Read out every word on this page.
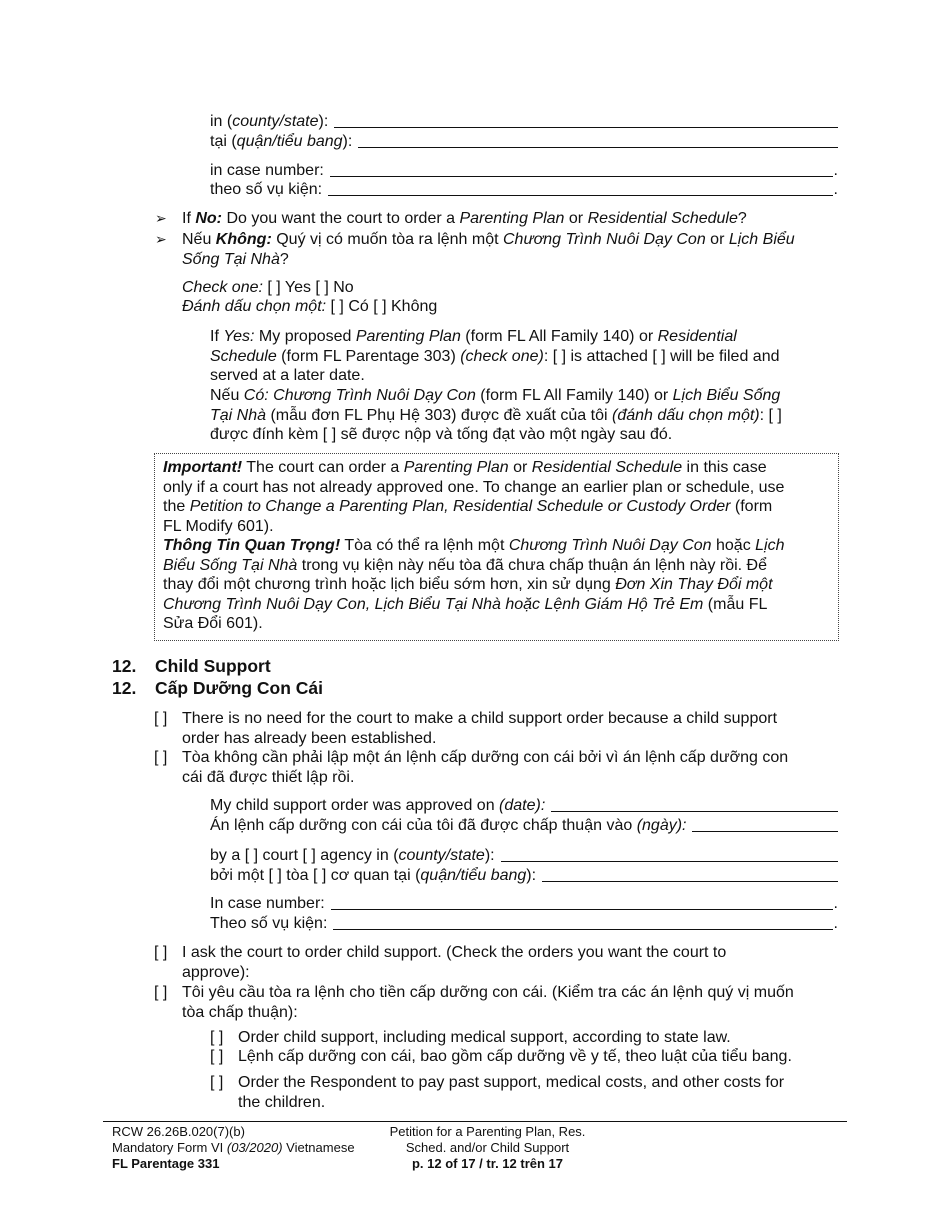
in (county/state):
tại (quận/tiểu bang):
in case number:	.
theo số vụ kiện:	.
➢ If No: Do you want the court to order a Parenting Plan or Residential Schedule?
➢ Nếu Không: Quý vị có muốn tòa ra lệnh một Chương Trình Nuôi Dạy Con or Lịch Biểu
Sống Tại Nhà?
Check one: [ ] Yes [ ] No
Đánh dấu chọn một: [ ] Có [ ] Không
If Yes: My proposed Parenting Plan (form FL All Family 140) or Residential
Schedule (form FL Parentage 303) (check one): [ ] is attached [ ] will be filed and
served at a later date.
Nếu Có: Chương Trình Nuôi Dạy Con (form FL All Family 140) or Lịch Biểu Sống
Tại Nhà (mẫu đơn FL Phụ Hệ 303) được đề xuất của tôi (đánh dấu chọn một): [ ]
được đính kèm [ ] sẽ được nộp và tống đạt vào một ngày sau đó.
Important! The court can order a Parenting Plan or Residential Schedule in this case
only if a court has not already approved one. To change an earlier plan or schedule, use
the Petition to Change a Parenting Plan, Residential Schedule or Custody Order (form
FL Modify 601).
Thông Tin Quan Trọng! Tòa có thể ra lệnh một Chương Trình Nuôi Dạy Con hoặc Lịch
Biểu Sống Tại Nhà trong vụ kiện này nếu tòa đã chưa chấp thuận án lệnh này rồi. Để
thay đổi một chương trình hoặc lịch biểu sớm hơn, xin sử dụng Đơn Xin Thay Đổi một
Chương Trình Nuôi Dạy Con, Lịch Biểu Tại Nhà hoặc Lệnh Giám Hộ Trẻ Em (mẫu FL
Sửa Đổi 601).
12. Child Support
12. Cấp Dưỡng Con Cái
[ ] There is no need for the court to make a child support order because a child support
order has already been established.
[ ] Tòa không cần phải lập một án lệnh cấp dưỡng con cái bởi vì án lệnh cấp dưỡng con
cái đã được thiết lập rồi.
My child support order was approved on (date):
Án lệnh cấp dưỡng con cái của tôi đã được chấp thuận vào (ngày):
by a [ ] court [ ] agency in (county/state):
bởi một [ ] tòa [ ] cơ quan tại (quận/tiểu bang):
In case number:	.
Theo số vụ kiện:	.
[ ] I ask the court to order child support. (Check the orders you want the court to
approve):
[ ] Tôi yêu cầu tòa ra lệnh cho tiền cấp dưỡng con cái. (Kiểm tra các án lệnh quý vị muốn
tòa chấp thuận):
[ ] Order child support, including medical support, according to state law.
[ ] Lệnh cấp dưỡng con cái, bao gồm cấp dưỡng về y tế, theo luật của tiểu bang.
[ ] Order the Respondent to pay past support, medical costs, and other costs for
the children.
RCW 26.26B.020(7)(b)
Mandatory Form VI (03/2020) Vietnamese
FL Parentage 331
Petition for a Parenting Plan, Res.
Sched. and/or Child Support
p. 12 of 17 / tr. 12 trên 17
